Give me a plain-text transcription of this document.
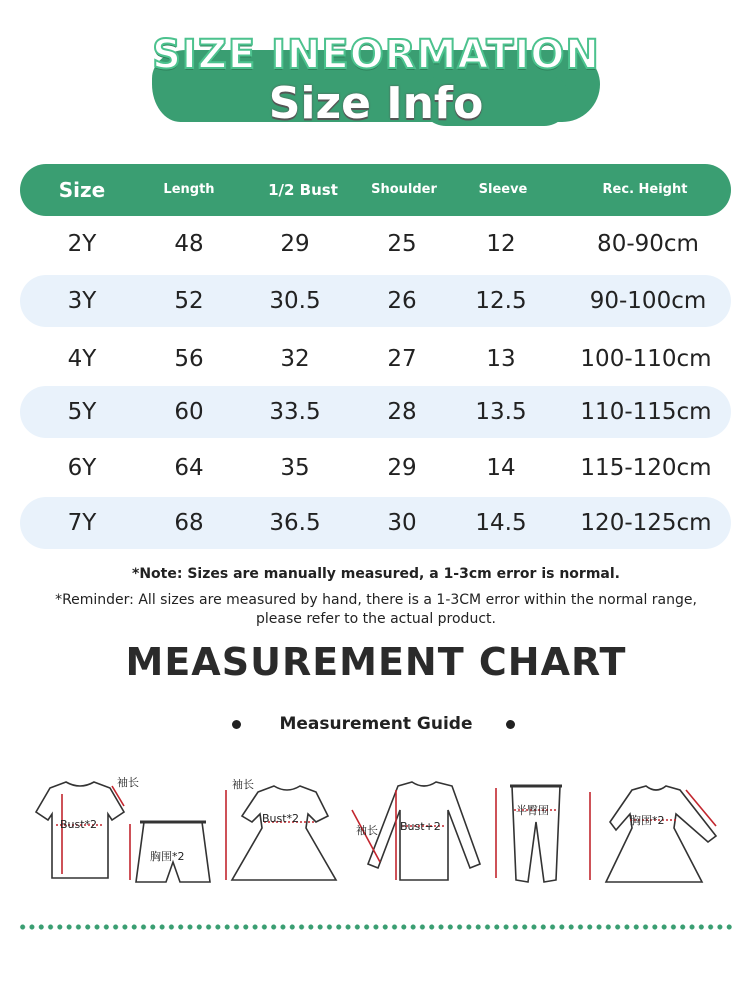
SIZE INEORMATION
Size Info
Size	Length	1/2 Bust	Shoulder	Sleeve	Rec. Height
2Y	48	29	25	12	80-90cm
3Y	52	30.5	26	12.5	90-100cm
4Y	56	32	27	13	100-110cm
5Y	60	33.5	28	13.5 110-115cm
6Y	64	35	29	14	115-120cm
7Y	68	36.5	30	14.5 120-125cm
*Note: Sizes are manually measured, a 1-3cm error is normal.
*Reminder: All sizes are measured by hand, there is a 1-3CM error within the normal range, please refer to the actual product.
MEASUREMENT CHART
Measurement Guide
Bust*2
袖长
胸围*2
Bust*2
袖长
Bust+2
袖长
半臀围
胸围*2
